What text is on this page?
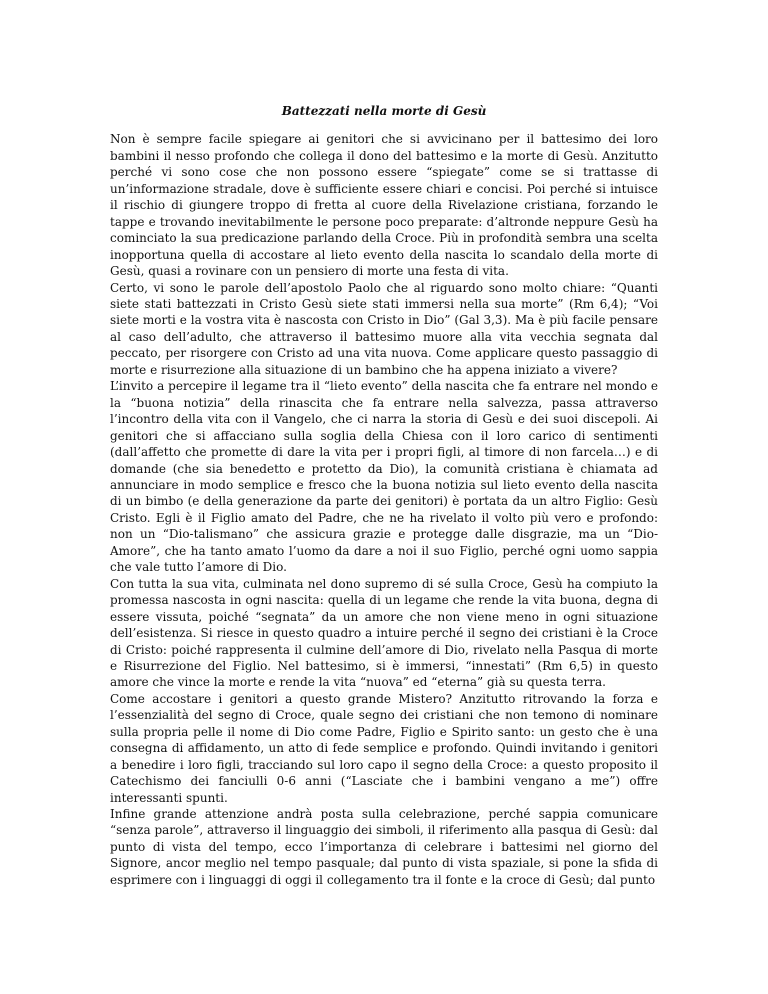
Battezzati nella morte di Gesù

Non è sempre facile spiegare ai genitori che si avvicinano per il battesimo dei loro bambini il nesso profondo che collega il dono del battesimo e la morte di Gesù. Anzitutto perché vi sono cose che non possono essere “spiegate” come se si trattasse di un’informazione stradale, dove è sufficiente essere chiari e concisi. Poi perché si intuisce il rischio di giungere troppo di fretta al cuore della Rivelazione cristiana, forzando le tappe e trovando inevitabilmente le persone poco preparate: d’altronde neppure Gesù ha cominciato la sua predicazione parlando della Croce. Più in profondità sembra una scelta inopportuna quella di accostare al lieto evento della nascita lo scandalo della morte di Gesù, quasi a rovinare con un pensiero di morte una festa di vita.

Certo, vi sono le parole dell’apostolo Paolo che al riguardo sono molto chiare: “Quanti siete stati battezzati in Cristo Gesù siete stati immersi nella sua morte” (Rm 6,4); “Voi siete morti e la vostra vita è nascosta con Cristo in Dio” (Gal 3,3). Ma è più facile pensare al caso dell’adulto, che attraverso il battesimo muore alla vita vecchia segnata dal peccato, per risorgere con Cristo ad una vita nuova. Come applicare questo passaggio di morte e risurrezione alla situazione di un bambino che ha appena iniziato a vivere?

L’invito a percepire il legame tra il “lieto evento” della nascita che fa entrare nel mondo e la “buona notizia” della rinascita che fa entrare nella salvezza, passa attraverso l’incontro della vita con il Vangelo, che ci narra la storia di Gesù e dei suoi discepoli. Ai genitori che si affacciano sulla soglia della Chiesa con il loro carico di sentimenti (dall’affetto che promette di dare la vita per i propri figli, al timore di non farcela…) e di domande (che sia benedetto e protetto da Dio), la comunità cristiana è chiamata ad annunciare in modo semplice e fresco che la buona notizia sul lieto evento della nascita di un bimbo (e della generazione da parte dei genitori) è portata da un altro Figlio: Gesù Cristo. Egli è il Figlio amato del Padre, che ne ha rivelato il volto più vero e profondo: non un “Dio-talismano” che assicura grazie e protegge dalle disgrazie, ma un “Dio-Amore”, che ha tanto amato l’uomo da dare a noi il suo Figlio, perché ogni uomo sappia che vale tutto l’amore di Dio.

Con tutta la sua vita, culminata nel dono supremo di sé sulla Croce, Gesù ha compiuto la promessa nascosta in ogni nascita: quella di un legame che rende la vita buona, degna di essere vissuta, poiché “segnata” da un amore che non viene meno in ogni situazione dell’esistenza. Si riesce in questo quadro a intuire perché il segno dei cristiani è la Croce di Cristo: poiché rappresenta il culmine dell’amore di Dio, rivelato nella Pasqua di morte e Risurrezione del Figlio. Nel battesimo, si è immersi, “innestati” (Rm 6,5) in questo amore che vince la morte e rende la vita “nuova” ed “eterna” già su questa terra.

Come accostare i genitori a questo grande Mistero? Anzitutto ritrovando la forza e l’essenzialità del segno di Croce, quale segno dei cristiani che non temono di nominare sulla propria pelle il nome di Dio come Padre, Figlio e Spirito santo: un gesto che è una consegna di affidamento, un atto di fede semplice e profondo. Quindi invitando i genitori a benedire i loro figli, tracciando sul loro capo il segno della Croce: a questo proposito il Catechismo dei fanciulli 0-6 anni (“Lasciate che i bambini vengano a me”) offre interessanti spunti.

Infine grande attenzione andrà posta sulla celebrazione, perché sappia comunicare “senza parole”, attraverso il linguaggio dei simboli, il riferimento alla pasqua di Gesù: dal punto di vista del tempo, ecco l’importanza di celebrare i battesimi nel giorno del Signore, ancor meglio nel tempo pasquale; dal punto di vista spaziale, si pone la sfida di esprimere con i linguaggi di oggi il collegamento tra il fonte e la croce di Gesù; dal punto
